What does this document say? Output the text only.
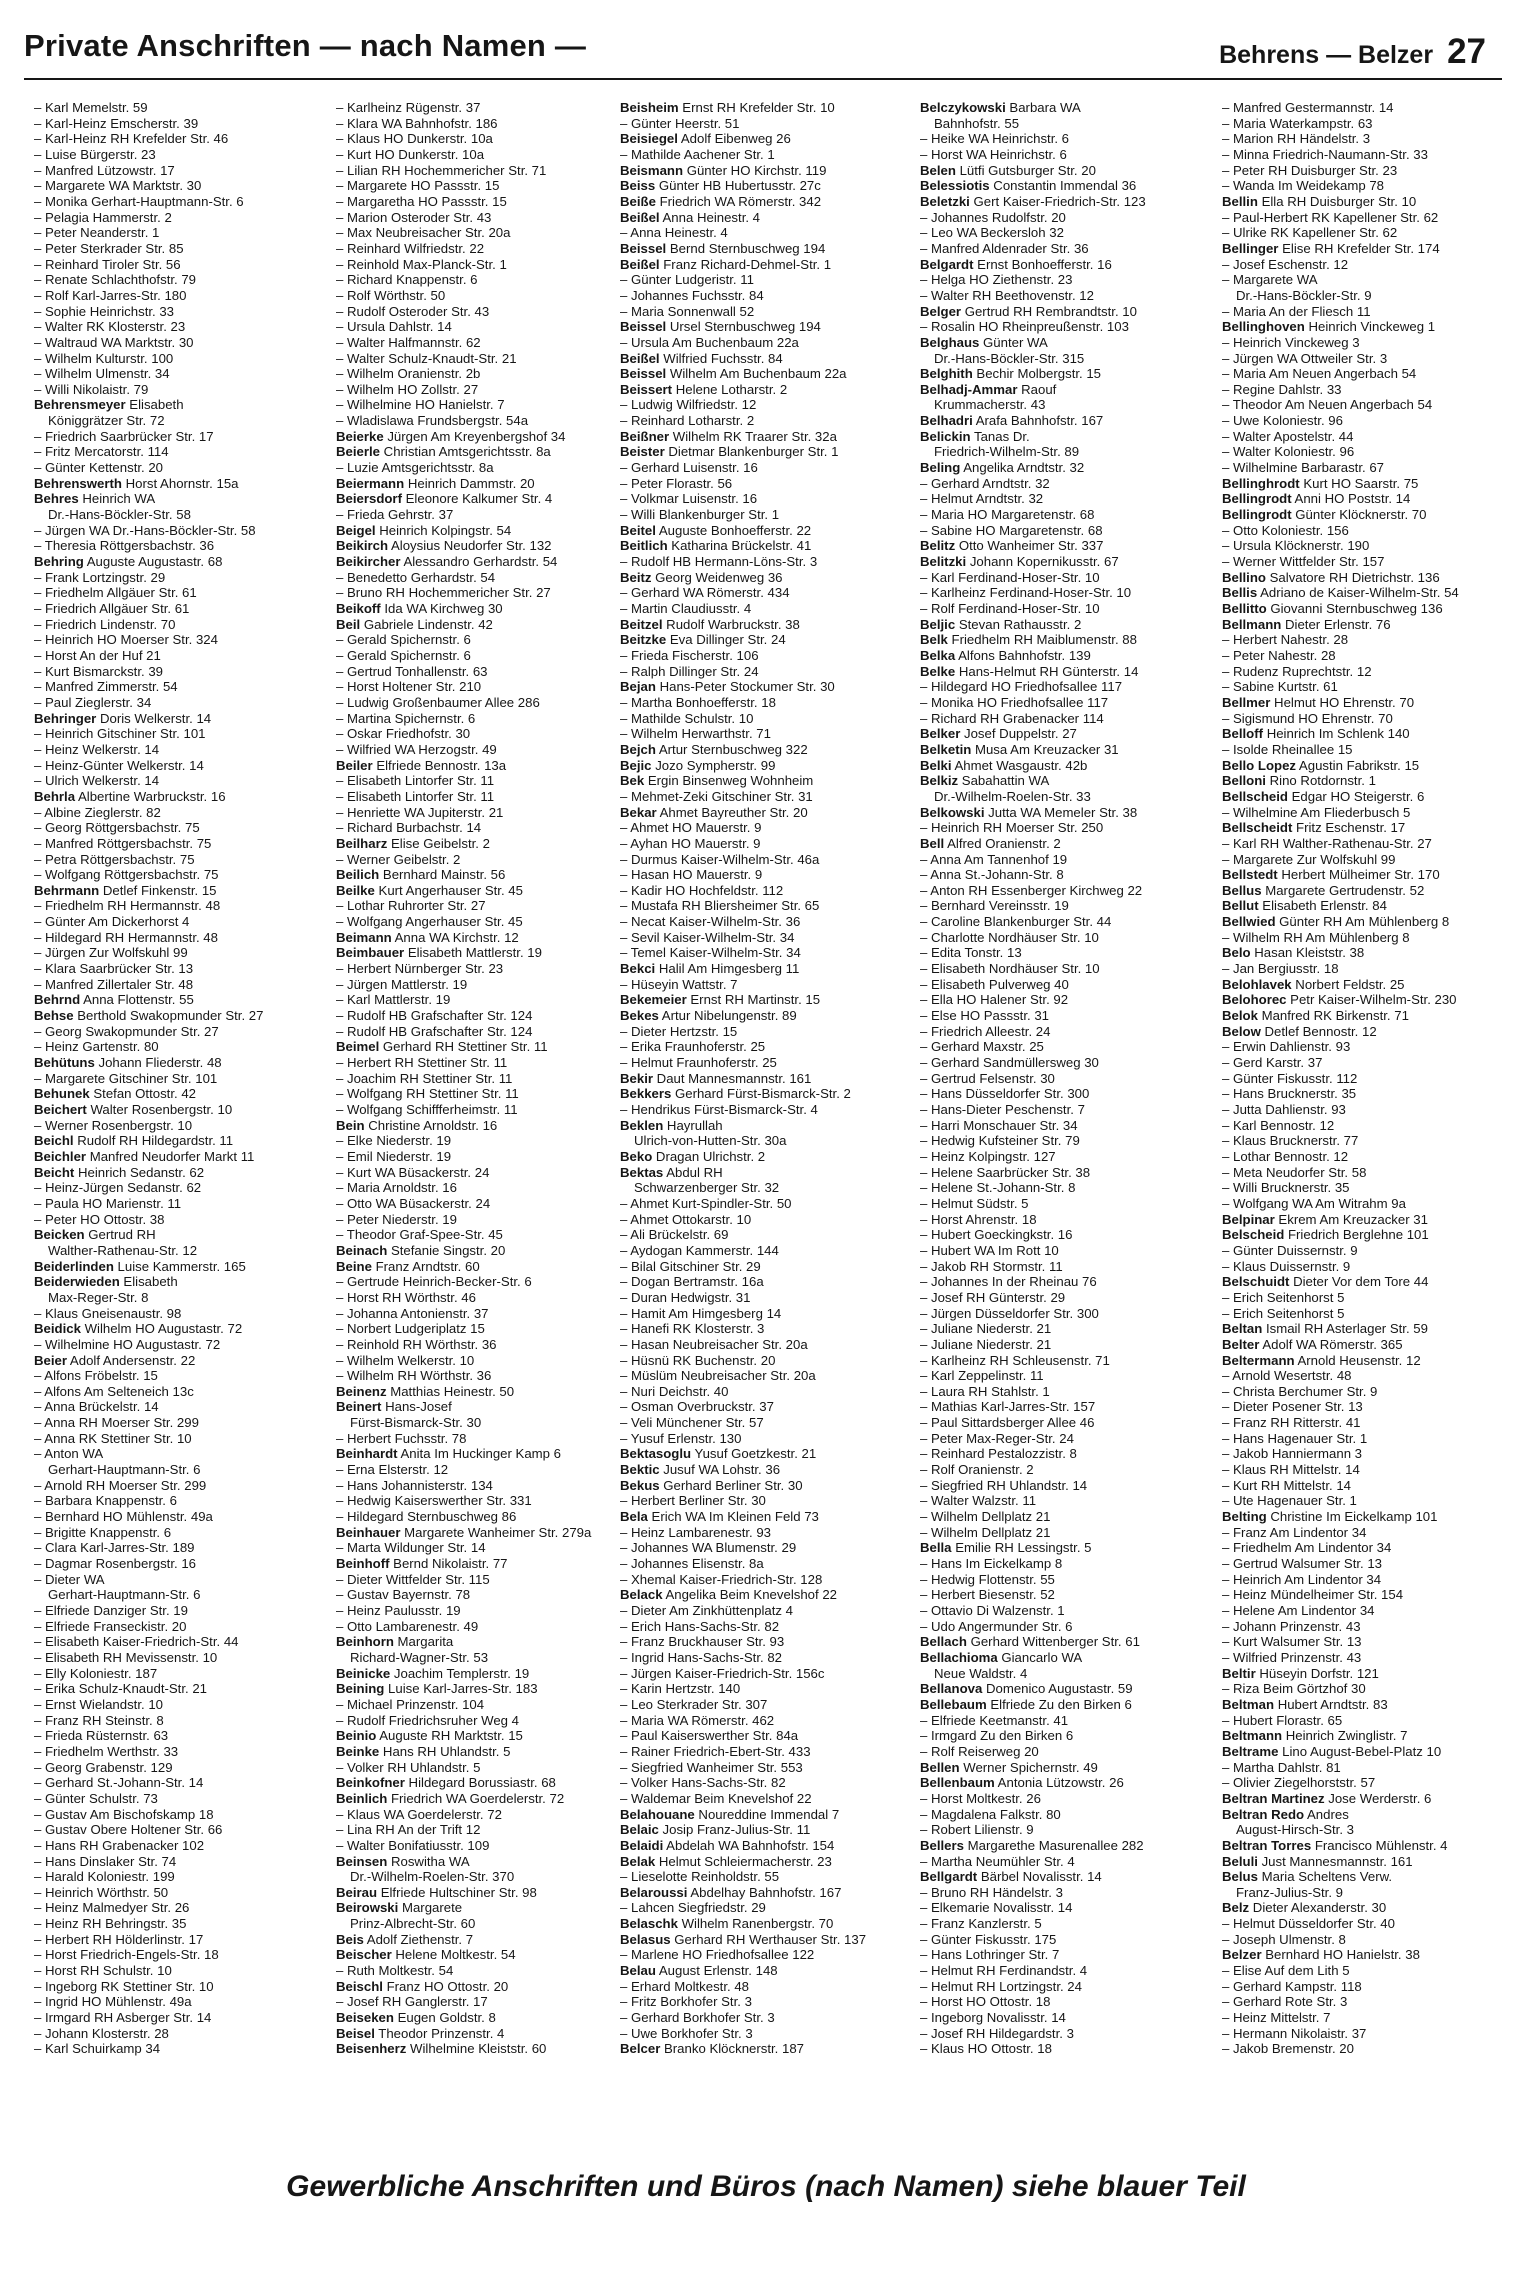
Private Anschriften — nach Namen —	Behrens — Belzer 27
– Karl Memelstr. 59
– Karl-Heinz Emscherstr. 39
– Karl-Heinz RH Krefelder Str. 46
– Luise Bürgerstr. 23
– Manfred Lützowstr. 17
– Margarete WA Marktstr. 30
– Monika Gerhart-Hauptmann-Str. 6
– Pelagia Hammerstr. 2
– Peter Neanderstr. 1
– Peter Sterkrader Str. 85
– Reinhard Tiroler Str. 56
– Renate Schlachthofstr. 79
– Rolf Karl-Jarres-Str. 180
– Sophie Heinrichstr. 33
– Walter RK Klosterstr. 23
– Waltraud WA Marktstr. 30
– Wilhelm Kulturstr. 100
– Wilhelm Ulmenstr. 34
– Willi Nikolaistr. 79
Behrensmeyer Elisabeth
Königgrätzer Str. 72
– Friedrich Saarbrücker Str. 17
– Fritz Mercatorstr. 114
– Günter Kettenstr. 20
Behrenswerth Horst Ahornstr. 15a
Behres Heinrich WA
Dr.-Hans-Böckler-Str. 58
– Jürgen WA Dr.-Hans-Böckler-Str. 58
– Theresia Röttgersbachstr. 36
Behring Auguste Augustastr. 68
– Frank Lortzingstr. 29
– Friedhelm Allgäuer Str. 61
– Friedrich Allgäuer Str. 61
– Friedrich Lindenstr. 70
– Heinrich HO Moerser Str. 324
– Horst An der Huf 21
– Kurt Bismarckstr. 39
– Manfred Zimmerstr. 54
– Paul Zieglerstr. 34
Behringer Doris Welkerstr. 14
– Heinrich Gitschiner Str. 101
– Heinz Welkerstr. 14
– Heinz-Günter Welkerstr. 14
– Ulrich Welkerstr. 14
Behrla Albertine Warbruckstr. 16
– Albine Zieglerstr. 82
– Georg Röttgersbachstr. 75
– Manfred Röttgersbachstr. 75
– Petra Röttgersbachstr. 75
– Wolfgang Röttgersbachstr. 75
Behrmann Detlef Finkenstr. 15
– Friedhelm RH Hermannstr. 48
– Günter Am Dickerhorst 4
– Hildegard RH Hermannstr. 48
– Jürgen Zur Wolfskuhl 99
– Klara Saarbrücker Str. 13
– Manfred Zillertaler Str. 48
Behrnd Anna Flottenstr. 55
Behse Berthold Swakopmunder Str. 27
– Georg Swakopmunder Str. 27
– Heinz Gartenstr. 80
Behütuns Johann Fliederstr. 48
– Margarete Gitschiner Str. 101
Behunek Stefan Ottostr. 42
Beichert Walter Rosenbergstr. 10
– Werner Rosenbergstr. 10
Beichl Rudolf RH Hildegardstr. 11
Beichler Manfred Neudorfer Markt 11
Beicht Heinrich Sedanstr. 62
– Heinz-Jürgen Sedanstr. 62
– Paula HO Marienstr. 11
– Peter HO Ottostr. 38
Beicken Gertrud RH
Walther-Rathenau-Str. 12
Beiderlinden Luise Kammerstr. 165
Beiderwieden Elisabeth
Max-Reger-Str. 8
– Klaus Gneisenaustr. 98
Beidick Wilhelm HO Augustastr. 72
– Wilhelmine HO Augustastr. 72
Beier Adolf Andersenstr. 22
– Alfons Fröbelstr. 15
– Alfons Am Selteneich 13c
– Anna Brückelstr. 14
– Anna RH Moerser Str. 299
– Anna RK Stettiner Str. 10
– Anton WA
Gerhart-Hauptmann-Str. 6
– Arnold RH Moerser Str. 299
– Barbara Knappenstr. 6
– Bernhard HO Mühlenstr. 49a
– Brigitte Knappenstr. 6
– Clara Karl-Jarres-Str. 189
– Dagmar Rosenbergstr. 16
– Dieter WA
Gerhart-Hauptmann-Str. 6
– Elfriede Danziger Str. 19
– Elfriede Franseckistr. 20
– Elisabeth Kaiser-Friedrich-Str. 44
– Elisabeth RH Mevissenstr. 10
– Elly Koloniestr. 187
– Erika Schulz-Knaudt-Str. 21
– Ernst Wielandstr. 10
– Franz RH Steinstr. 8
– Frieda Rüsternstr. 63
– Friedhelm Werthstr. 33
– Georg Grabenstr. 129
– Gerhard St.-Johann-Str. 14
– Günter Schulstr. 73
– Gustav Am Bischofskamp 18
– Gustav Obere Holtener Str. 66
– Hans RH Grabenacker 102
– Hans Dinslaker Str. 74
– Harald Koloniestr. 199
– Heinrich Wörthstr. 50
– Heinz Malmedyer Str. 26
– Heinz RH Behringstr. 35
– Herbert RH Hölderlinstr. 17
– Horst Friedrich-Engels-Str. 18
– Horst RH Schulstr. 10
– Ingeborg RK Stettiner Str. 10
– Ingrid HO Mühlenstr. 49a
– Irmgard RH Asberger Str. 14
– Johann Klosterstr. 28
– Karl Schuirkamp 34
– Karlheinz Rügenstr. 37
– Klara WA Bahnhofstr. 186
– Klaus HO Dunkerstr. 10a
– Kurt HO Dunkerstr. 10a
– Lilian RH Hochemmericher Str. 71
– Margarete HO Passstr. 15
– Margaretha HO Passstr. 15
– Marion Osteroder Str. 43
– Max Neubreisacher Str. 20a
– Reinhard Wilfriedstr. 22
– Reinhold Max-Planck-Str. 1
– Richard Knappenstr. 6
– Rolf Wörthstr. 50
– Rudolf Osteroder Str. 43
– Ursula Dahlstr. 14
– Walter Halfmannstr. 62
– Walter Schulz-Knaudt-Str. 21
– Wilhelm Oranienstr. 2b
– Wilhelm HO Zollstr. 27
– Wilhelmine HO Hanielstr. 7
– Wladislawa Frundsbergstr. 54a
Beierke Jürgen Am Kreyenbergshof 34
Beierle Christian Amtsgerichtsstr. 8a
– Luzie Amtsgerichtsstr. 8a
Beiermann Heinrich Dammstr. 20
Beiersdorf Eleonore Kalkumer Str. 4
– Frieda Gehrstr. 37
Beigel Heinrich Kolpingstr. 54
Beikirch Aloysius Neudorfer Str. 132
Beikircher Alessandro Gerhardstr. 54
– Benedetto Gerhardstr. 54
– Bruno RH Hochemmericher Str. 27
Beikoff Ida WA Kirchweg 30
Beil Gabriele Lindenstr. 42
– Gerald Spichernstr. 6
– Gerald Spichernstr. 6
– Gertrud Tonhallenstr. 63
– Horst Holtener Str. 210
– Ludwig Großenbaumer Allee 286
– Martina Spichernstr. 6
– Oskar Friedhofstr. 30
– Wilfried WA Herzogstr. 49
Beiler Elfriede Bennostr. 13a
– Elisabeth Lintorfer Str. 11
– Elisabeth Lintorfer Str. 11
– Henriette WA Jupiterstr. 21
– Richard Burbachstr. 14
Beilharz Elise Geibelstr. 2
– Werner Geibelstr. 2
Beilich Bernhard Mainstr. 56
Beilke Kurt Angerhauser Str. 45
– Lothar Ruhrorter Str. 27
– Wolfgang Angerhauser Str. 45
Beimann Anna WA Kirchstr. 12
Beimbauer Elisabeth Mattlerstr. 19
– Herbert Nürnberger Str. 23
– Jürgen Mattlerstr. 19
– Karl Mattlerstr. 19
– Rudolf HB Grafschafter Str. 124
– Rudolf HB Grafschafter Str. 124
Beimel Gerhard RH Stettiner Str. 11
– Herbert RH Stettiner Str. 11
– Joachim RH Stettiner Str. 11
– Wolfgang RH Stettiner Str. 11
– Wolfgang Schiffferheimstr. 11
Bein Christine Arnoldstr. 16
– Elke Niederstr. 19
– Emil Niederstr. 19
– Kurt WA Büsackerstr. 24
– Maria Arnoldstr. 16
– Otto WA Büsackerstr. 24
– Peter Niederstr. 19
– Theodor Graf-Spee-Str. 45
Beinach Stefanie Singstr. 20
Beine Franz Arndtstr. 60
– Gertrude Heinrich-Becker-Str. 6
– Horst RH Wörthstr. 46
– Johanna Antonienstr. 37
– Norbert Ludgeriplatz 15
– Reinhold RH Wörthstr. 36
– Wilhelm Welkerstr. 10
– Wilhelm RH Wörthstr. 36
Beinenz Matthias Heinestr. 50
Beinert Hans-Josef
Fürst-Bismarck-Str. 30
– Herbert Fuchsstr. 78
Beinhardt Anita Im Huckinger Kamp 6
– Erna Elsterstr. 12
– Hans Johannisterstr. 134
– Hedwig Kaiserswerther Str. 331
– Hildegard Sternbuschweg 86
Beinhauer Margarete Wanheimer Str. 279a
– Marta Wildunger Str. 14
Beinhoff Bernd Nikolaistr. 77
– Dieter Wittfelder Str. 115
– Gustav Bayernstr. 78
– Heinz Paulusstr. 19
– Otto Lambarenestr. 49
Beinhorn Margarita
Richard-Wagner-Str. 53
Beinicke Joachim Templerstr. 19
Beining Luise Karl-Jarres-Str. 183
– Michael Prinzenstr. 104
– Rudolf Friedrichsruher Weg 4
Beinio Auguste RH Marktstr. 15
Beinke Hans RH Uhlandstr. 5
– Volker RH Uhlandstr. 5
Beinkofner Hildegard Borussiastr. 68
Beinlich Friedrich WA Goerdelerstr. 72
– Klaus WA Goerdelerstr. 72
– Lina RH An der Trift 12
– Walter Bonifatiusstr. 109
Beinsen Roswitha WA
Dr.-Wilhelm-Roelen-Str. 370
Beirau Elfriede Hultschiner Str. 98
Beirowski Margarete
Prinz-Albrecht-Str. 60
Beis Adolf Ziethenstr. 7
Beischer Helene Moltkestr. 54
– Ruth Moltkestr. 54
Beischl Franz HO Ottostr. 20
– Josef RH Ganglerstr. 17
Beiseken Eugen Goldstr. 8
Beisel Theodor Prinzenstr. 4
Beisenherz Wilhelmine Kleiststr. 60
Beisheim Ernst RH Krefelder Str. 10
– Günter Heerstr. 51
Beisiegel Adolf Eibenweg 26
– Mathilde Aachener Str. 1
Beismann Günter HO Kirchstr. 119
Beiss Günter HB Hubertusstr. 27c
Beiße Friedrich WA Römerstr. 342
Beißel Anna Heinestr. 4
– Anna Heinestr. 4
Beissel Bernd Sternbuschweg 194
Beißel Franz Richard-Dehmel-Str. 1
– Günter Ludgeristr. 11
– Johannes Fuchsstr. 84
– Maria Sonnenwall 52
Beissel Ursel Sternbuschweg 194
– Ursula Am Buchenbaum 22a
Beißel Wilfried Fuchsstr. 84
Beissel Wilhelm Am Buchenbaum 22a
Beissert Helene Lotharstr. 2
– Ludwig Wilfriedstr. 12
– Reinhard Lotharstr. 2
Beißner Wilhelm RK Traarer Str. 32a
Beister Dietmar Blankenburger Str. 1
– Gerhard Luisenstr. 16
– Peter Florastr. 56
– Volkmar Luisenstr. 16
– Willi Blankenburger Str. 1
Beitel Auguste Bonhoefferstr. 22
Beitlich Katharina Brückelstr. 41
– Rudolf HB Hermann-Löns-Str. 3
Beitz Georg Weidenweg 36
– Gerhard WA Römerstr. 434
– Martin Claudiusstr. 4
Beitzel Rudolf Warbruckstr. 38
Beitzke Eva Dillinger Str. 24
– Frieda Fischerstr. 106
– Ralph Dillinger Str. 24
Bejan Hans-Peter Stockumer Str. 30
– Martha Bonhoefferstr. 18
– Mathilde Schulstr. 10
– Wilhelm Herwarthstr. 71
Bejch Artur Sternbuschweg 322
Bejic Jozo Sympherstr. 99
Bek Ergin Binsenweg Wohnheim
– Mehmet-Zeki Gitschiner Str. 31
Bekar Ahmet Bayreuther Str. 20
– Ahmet HO Mauerstr. 9
– Ayhan HO Mauerstr. 9
– Durmus Kaiser-Wilhelm-Str. 46a
– Hasan HO Mauerstr. 9
– Kadir HO Hochfeldstr. 112
– Mustafa RH Bliersheimer Str. 65
– Necat Kaiser-Wilhelm-Str. 36
– Sevil Kaiser-Wilhelm-Str. 34
– Temel Kaiser-Wilhelm-Str. 34
Bekci Halil Am Himgesberg 11
– Hüseyin Wattstr. 7
Bekemeier Ernst RH Martinstr. 15
Bekes Artur Nibelungenstr. 89
– Dieter Hertzstr. 15
– Erika Fraunhoferstr. 25
– Helmut Fraunhoferstr. 25
Bekir Daut Mannesmannstr. 161
Bekkers Gerhard Fürst-Bismarck-Str. 2
– Hendrikus Fürst-Bismarck-Str. 4
Beklen Hayrullah
Ulrich-von-Hutten-Str. 30a
Beko Dragan Ulrichstr. 2
Bektas Abdul RH
Schwarzenberger Str. 32
– Ahmet Kurt-Spindler-Str. 50
– Ahmet Ottokarstr. 10
– Ali Brückelstr. 69
– Aydogan Kammerstr. 144
– Bilal Gitschiner Str. 29
– Dogan Bertramstr. 16a
– Duran Hedwigstr. 31
– Hamit Am Himgesberg 14
– Hanefi RK Klosterstr. 3
– Hasan Neubreisacher Str. 20a
– Hüsnü RK Buchenstr. 20
– Müslüm Neubreisacher Str. 20a
– Nuri Deichstr. 40
– Osman Overbruckstr. 37
– Veli Münchener Str. 57
– Yusuf Erlenstr. 130
Bektasoglu Yusuf Goetzkestr. 21
Bektic Jusuf WA Lohstr. 36
Bekus Gerhard Berliner Str. 30
– Herbert Berliner Str. 30
Bela Erich WA Im Kleinen Feld 73
– Heinz Lambarenestr. 93
– Johannes WA Blumenstr. 29
– Johannes Elisenstr. 8a
– Xhemal Kaiser-Friedrich-Str. 128
Belack Angelika Beim Knevelshof 22
– Dieter Am Zinkhüttenplatz 4
– Erich Hans-Sachs-Str. 82
– Franz Bruckhauser Str. 93
– Ingrid Hans-Sachs-Str. 82
– Jürgen Kaiser-Friedrich-Str. 156c
– Karin Hertzstr. 140
– Leo Sterkrader Str. 307
– Maria WA Römerstr. 462
– Paul Kaiserswerther Str. 84a
– Rainer Friedrich-Ebert-Str. 433
– Siegfried Wanheimer Str. 553
– Volker Hans-Sachs-Str. 82
– Waldemar Beim Knevelshof 22
Belahouane Noureddine Immendal 7
Belaic Josip Franz-Julius-Str. 11
Belaidi Abdelah WA Bahnhofstr. 154
Belak Helmut Schleiermacherstr. 23
– Lieselotte Reinholdstr. 55
Belaroussi Abdelhay Bahnhofstr. 167
– Lahcen Siegfriedstr. 29
Belaschk Wilhelm Ranenbergstr. 70
Belasus Gerhard RH Werthauser Str. 137
– Marlene HO Friedhofsallee 122
Belau August Erlenstr. 148
– Erhard Moltkestr. 48
– Fritz Borkhofer Str. 3
– Gerhard Borkhofer Str. 3
– Uwe Borkhofer Str. 3
Belcer Branko Klöcknerstr. 187
Belczykowski Barbara WA
Bahnhofstr. 55
– Heike WA Heinrichstr. 6
– Horst WA Heinrichstr. 6
Belen Lütfi Gutsburger Str. 20
Belessiotis Constantin Immendal 36
Beletzki Gert Kaiser-Friedrich-Str. 123
– Johannes Rudolfstr. 20
– Leo WA Beckersloh 32
– Manfred Aldenrader Str. 36
Belgardt Ernst Bonhoefferstr. 16
– Helga HO Ziethenstr. 23
– Walter RH Beethovenstr. 12
Belger Gertrud RH Rembrandtstr. 10
– Rosalin HO Rheinpreußenstr. 103
Belghaus Günter WA
Dr.-Hans-Böckler-Str. 315
Belghith Bechir Molbergstr. 15
Belhadj-Ammar Raouf
Krummacherstr. 43
Belhadri Arafa Bahnhofstr. 167
Belickin Tanas Dr.
Friedrich-Wilhelm-Str. 89
Beling Angelika Arndtstr. 32
– Gerhard Arndtstr. 32
– Helmut Arndtstr. 32
– Maria HO Margaretenstr. 68
– Sabine HO Margaretenstr. 68
Belitz Otto Wanheimer Str. 337
Belitzki Johann Kopernikusstr. 67
– Karl Ferdinand-Hoser-Str. 10
– Karlheinz Ferdinand-Hoser-Str. 10
– Rolf Ferdinand-Hoser-Str. 10
Beljic Stevan Rathausstr. 2
Belk Friedhelm RH Maiblumenstr. 88
Belka Alfons Bahnhofstr. 139
Belke Hans-Helmut RH Günterstr. 14
– Hildegard HO Friedhofsallee 117
– Monika HO Friedhofsallee 117
– Richard RH Grabenacker 114
Belker Josef Duppelstr. 27
Belketin Musa Am Kreuzacker 31
Belki Ahmet Wasgaustr. 42b
Belkiz Sabahattin WA
Dr.-Wilhelm-Roelen-Str. 33
Belkowski Jutta WA Memeler Str. 38
– Heinrich RH Moerser Str. 250
Bell Alfred Oranienstr. 2
– Anna Am Tannenhof 19
– Anna St.-Johann-Str. 8
– Anton RH Essenberger Kirchweg 22
– Bernhard Vereinsstr. 19
– Caroline Blankenburger Str. 44
– Charlotte Nordhäuser Str. 10
– Edita Tonstr. 13
– Elisabeth Nordhäuser Str. 10
– Elisabeth Pulverweg 40
– Ella HO Halener Str. 92
– Else HO Passstr. 31
– Friedrich Alleestr. 24
– Gerhard Maxstr. 25
– Gerhard Sandmüllersweg 30
– Gertrud Felsenstr. 30
– Hans Düsseldorfer Str. 300
– Hans-Dieter Peschenstr. 7
– Harri Monschauer Str. 34
– Hedwig Kufsteiner Str. 79
– Heinz Kolpingstr. 127
– Helene Saarbrücker Str. 38
– Helene St.-Johann-Str. 8
– Helmut Südstr. 5
– Horst Ahrenstr. 18
– Hubert Goeckingkstr. 16
– Hubert WA Im Rott 10
– Jakob RH Stormstr. 11
– Johannes In der Rheinau 76
– Josef RH Günterstr. 29
– Jürgen Düsseldorfer Str. 300
– Juliane Niederstr. 21
– Juliane Niederstr. 21
– Karlheinz RH Schleusenstr. 71
– Karl Zeppelinstr. 11
– Laura RH Stahlstr. 1
– Mathias Karl-Jarres-Str. 157
– Paul Sittardsberger Allee 46
– Peter Max-Reger-Str. 24
– Reinhard Pestalozzistr. 8
– Rolf Oranienstr. 2
– Siegfried RH Uhlandstr. 14
– Walter Walzstr. 11
– Wilhelm Dellplatz 21
– Wilhelm Dellplatz 21
Bella Emilie RH Lessingstr. 5
– Hans Im Eickelkamp 8
– Hedwig Flottenstr. 55
– Herbert Biesenstr. 52
– Ottavio Di Walzenstr. 1
– Udo Angermunder Str. 6
Bellach Gerhard Wittenberger Str. 61
Bellachioma Giancarlo WA
Neue Waldstr. 4
Bellanova Domenico Augustastr. 59
Bellebaum Elfriede Zu den Birken 6
– Elfriede Keetmanstr. 41
– Irmgard Zu den Birken 6
– Rolf Reiserweg 20
Bellen Werner Spichernstr. 49
Bellenbaum Antonia Lützowstr. 26
– Horst Moltkestr. 26
– Magdalena Falkstr. 80
– Robert Lilienstr. 9
Bellers Margarethe Masurenallee 282
– Martha Neumühler Str. 4
Bellgardt Bärbel Novalisstr. 14
– Bruno RH Händelstr. 3
– Elkemarie Novalisstr. 14
– Franz Kanzlerstr. 5
– Günter Fiskusstr. 175
– Hans Lothringer Str. 7
– Helmut RH Ferdinandstr. 4
– Helmut RH Lortzingstr. 24
– Horst HO Ottostr. 18
– Ingeborg Novalisstr. 14
– Josef RH Hildegardstr. 3
– Klaus HO Ottostr. 18
– Manfred Gestermannstr. 14
– Maria Waterkampstr. 63
– Marion RH Händelstr. 3
– Minna Friedrich-Naumann-Str. 33
– Peter RH Duisburger Str. 23
– Wanda Im Weidekamp 78
Bellin Ella RH Duisburger Str. 10
– Paul-Herbert RK Kapellener Str. 62
– Ulrike RK Kapellener Str. 62
Bellinger Elise RH Krefelder Str. 174
– Josef Eschenstr. 12
– Margarete WA
Dr.-Hans-Böckler-Str. 9
– Maria An der Fliesch 11
Bellinghoven Heinrich Vinckeweg 1
– Heinrich Vinckeweg 3
– Jürgen WA Ottweiler Str. 3
– Maria Am Neuen Angerbach 54
– Regine Dahlstr. 33
– Theodor Am Neuen Angerbach 54
– Uwe Koloniestr. 96
– Walter Apostelstr. 44
– Walter Koloniestr. 96
– Wilhelmine Barbarastr. 67
Bellinghrodt Kurt HO Saarstr. 75
Bellingrodt Anni HO Poststr. 14
Bellingrodt Günter Klöcknerstr. 70
– Otto Koloniestr. 156
– Ursula Klöcknerstr. 190
– Werner Wittfelder Str. 157
Bellino Salvatore RH Dietrichstr. 136
Bellis Adriano de Kaiser-Wilhelm-Str. 54
Bellitto Giovanni Sternbuschweg 136
Bellmann Dieter Erlenstr. 76
– Herbert Nahestr. 28
– Peter Nahestr. 28
– Rudenz Ruprechtstr. 12
– Sabine Kurtstr. 61
Bellmer Helmut HO Ehrenstr. 70
– Sigismund HO Ehrenstr. 70
Belloff Heinrich Im Schlenk 140
– Isolde Rheinallee 15
Bello Lopez Agustin Fabrikstr. 15
Belloni Rino Rotdornstr. 1
Bellscheid Edgar HO Steigerstr. 6
– Wilhelmine Am Fliederbusch 5
Bellscheidt Fritz Eschenstr. 17
– Karl RH Walther-Rathenau-Str. 27
– Margarete Zur Wolfskuhl 99
Bellstedt Herbert Mülheimer Str. 170
Bellus Margarete Gertrudenstr. 52
Bellut Elisabeth Erlenstr. 84
Bellwied Günter RH Am Mühlenberg 8
– Wilhelm RH Am Mühlenberg 8
Belo Hasan Kleiststr. 38
– Jan Bergiusstr. 18
Belohlavek Norbert Feldstr. 25
Belohorec Petr Kaiser-Wilhelm-Str. 230
Belok Manfred RK Birkenstr. 71
Below Detlef Bennostr. 12
– Erwin Dahlienstr. 93
– Gerd Karstr. 37
– Günter Fiskusstr. 112
– Hans Brucknerstr. 35
– Jutta Dahlienstr. 93
– Karl Bennostr. 12
– Klaus Brucknerstr. 77
– Lothar Bennostr. 12
– Meta Neudorfer Str. 58
– Willi Brucknerstr. 35
– Wolfgang WA Am Witrahm 9a
Belpinar Ekrem Am Kreuzacker 31
Belscheid Friedrich Berglehne 101
– Günter Duissernstr. 9
– Klaus Duissernstr. 9
Belschuidt Dieter Vor dem Tore 44
– Erich Seitenhorst 5
– Erich Seitenhorst 5
Beltan Ismail RH Asterlager Str. 59
Belter Adolf WA Römerstr. 365
Beltermann Arnold Heusenstr. 12
– Arnold Wesertstr. 48
– Christa Berchumer Str. 9
– Dieter Posener Str. 13
– Franz RH Ritterstr. 41
– Hans Hagenauer Str. 1
– Jakob Hanniermann 3
– Klaus RH Mittelstr. 14
– Kurt RH Mittelstr. 14
– Ute Hagenauer Str. 1
Belting Christine Im Eickelkamp 101
– Franz Am Lindentor 34
– Friedhelm Am Lindentor 34
– Gertrud Walsumer Str. 13
– Heinrich Am Lindentor 34
– Heinz Mündelheimer Str. 154
– Helene Am Lindentor 34
– Johann Prinzenstr. 43
– Kurt Walsumer Str. 13
– Wilfried Prinzenstr. 43
Beltir Hüseyin Dorfstr. 121
– Riza Beim Görtzhof 30
Beltman Hubert Arndtstr. 83
– Hubert Florastr. 65
Beltmann Heinrich Zwinglistr. 7
Beltrame Lino August-Bebel-Platz 10
– Martha Dahlstr. 81
– Olivier Ziegelhorststr. 57
Beltran Martinez Jose Werderstr. 6
Beltran Redo Andres
August-Hirsch-Str. 3
Beltran Torres Francisco Mühlenstr. 4
Beluli Just Mannesmannstr. 161
Belus Maria Scheltens Verw.
Franz-Julius-Str. 9
Belz Dieter Alexanderstr. 30
– Helmut Düsseldorfer Str. 40
– Joseph Ulmenstr. 8
Belzer Bernhard HO Hanielstr. 38
– Elise Auf dem Lith 5
– Gerhard Kampstr. 118
– Gerhard Rote Str. 3
– Heinz Mittelstr. 7
– Hermann Nikolaistr. 37
– Jakob Bremenstr. 20
Gewerbliche Anschriften und Büros (nach Namen) siehe blauer Teil
